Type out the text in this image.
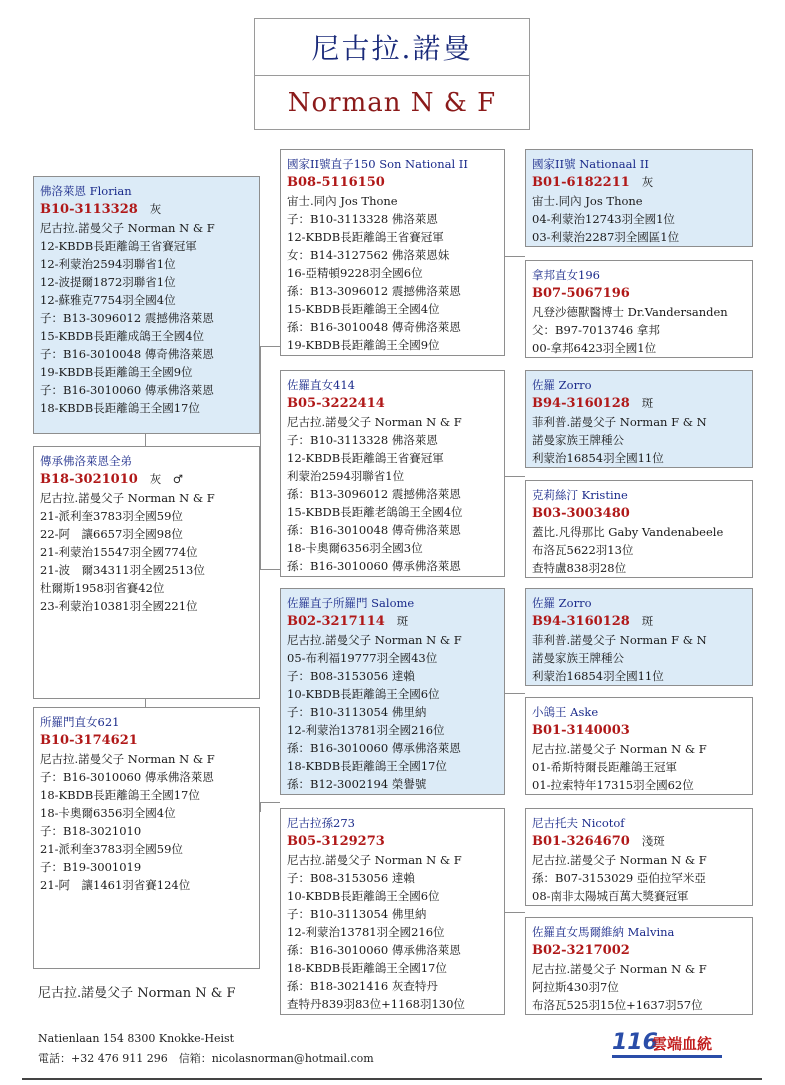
尼古拉.諾曼
Norman N & F
佛洛萊恩 Florian
B10-3113328 灰
尼古拉.諾曼父子 Norman N & F
12-KBDB長距離鴿王省賽冠軍
12-利蒙治2594羽聯省1位
12-波提爾1872羽聯省1位
12-蘇雅克7754羽全國4位
子：B13-3096012 震撼佛洛萊恩
15-KBDB長距離成鴿王全國4位
子：B16-3010048 傳奇佛洛萊恩
19-KBDB長距離鴿王全國9位
子：B16-3010060 傳承佛洛萊恩
18-KBDB長距離鴿王全國17位
傳承佛洛萊恩全弟
B18-3021010 灰　♂
尼古拉.諾曼父子 Norman N & F
21-派利奎3783羽全國59位
22-阿　讓6657羽全國98位
21-利蒙治15547羽全國774位
21-波　爾34311羽全國2513位
杜爾斯1958羽省賽42位
23-利蒙治10381羽全國221位
所羅門直女621
B10-3174621
尼古拉.諾曼父子 Norman N & F
子：B16-3010060 傳承佛洛萊恩
18-KBDB長距離鴿王全國17位
18-卡奧爾6356羽全國4位
子：B18-3021010
21-派利奎3783羽全國59位
子：B19-3001019
21-阿　讓1461羽省賽124位
國家II號直子150 Son National II
B08-5116150
宙士.同內 Jos Thone
子：B10-3113328 佛洛萊恩
12-KBDB長距離鴿王省賽冠軍
女：B14-3127562 佛洛萊恩妹
16-亞精頓9228羽全國6位
孫：B13-3096012 震撼佛洛萊恩
15-KBDB長距離鴿王全國4位
孫：B16-3010048 傳奇佛洛萊恩
19-KBDB長距離鴿王全國9位
佐羅直女414
B05-3222414
尼古拉.諾曼父子 Norman N & F
子：B10-3113328 佛洛萊恩
12-KBDB長距離鴿王省賽冠軍
利蒙治2594羽聯省1位
孫：B13-3096012 震撼佛洛萊恩
15-KBDB長距離老鴿鴿王全國4位
孫：B16-3010048 傳奇佛洛萊恩
18-卡奧爾6356羽全國3位
孫：B16-3010060 傳承佛洛萊恩
佐羅直子所羅門 Salome
B02-3217114 斑
尼古拉.諾曼父子 Norman N & F
05-布利福19777羽全國43位
子：B08-3153056 達賴
10-KBDB長距離鴿王全國6位
子：B10-3113054 佛里納
12-利蒙治13781羽全國216位
孫：B16-3010060 傳承佛洛萊恩
18-KBDB長距離鴿王全國17位
孫：B12-3002194 榮譽號
尼古拉孫273
B05-3129273
尼古拉.諾曼父子 Norman N & F
子：B08-3153056 達賴
10-KBDB長距離鴿王全國6位
子：B10-3113054 佛里納
12-利蒙治13781羽全國216位
孫：B16-3010060 傳承佛洛萊恩
18-KBDB長距離鴿王全國17位
孫：B18-3021416 灰查特丹
查特丹839羽83位+1168羽130位
國家II號 Nationaal II
B01-6182211 灰
宙士.同內 Jos Thone
04-利蒙治12743羽全國1位
03-利蒙治2287羽全國區1位
拿邦直女196
B07-5067196
凡登沙德獸醫博士 Dr.Vandersanden
父：B97-7013746 拿邦
00-拿邦6423羽全國1位
佐羅 Zorro
B94-3160128 斑
菲利普.諾曼父子 Norman F & N
諾曼家族王牌種公
利蒙治16854羽全國11位
克莉絲汀 Kristine
B03-3003480
蓋比.凡得那比 Gaby Vandenabeele
布洛瓦5622羽13位
查特盧838羽28位
佐羅 Zorro
B94-3160128 斑
菲利普.諾曼父子 Norman F & N
諾曼家族王牌種公
利蒙治16854羽全國11位
小鴿王 Aske
B01-3140003
尼古拉.諾曼父子 Norman N & F
01-希斯特爾長距離鴿王冠軍
01-拉索特年17315羽全國62位
尼古托夫 Nicotof
B01-3264670 淺斑
尼古拉.諾曼父子 Norman N & F
孫：B07-3153029 亞伯拉罕米亞
08-南非太陽城百萬大獎賽冠軍
佐羅直女馬爾維納 Malvina
B02-3217002
尼古拉.諾曼父子 Norman N & F
阿拉斯430羽7位
布洛瓦525羽15位+1637羽57位
尼古拉.諾曼父子 Norman N & F
Natienlaan 154 8300 Knokke-Heist
電話：+32 476 911 296　信箱：nicolasnorman@hotmail.com
116
雲端血統
